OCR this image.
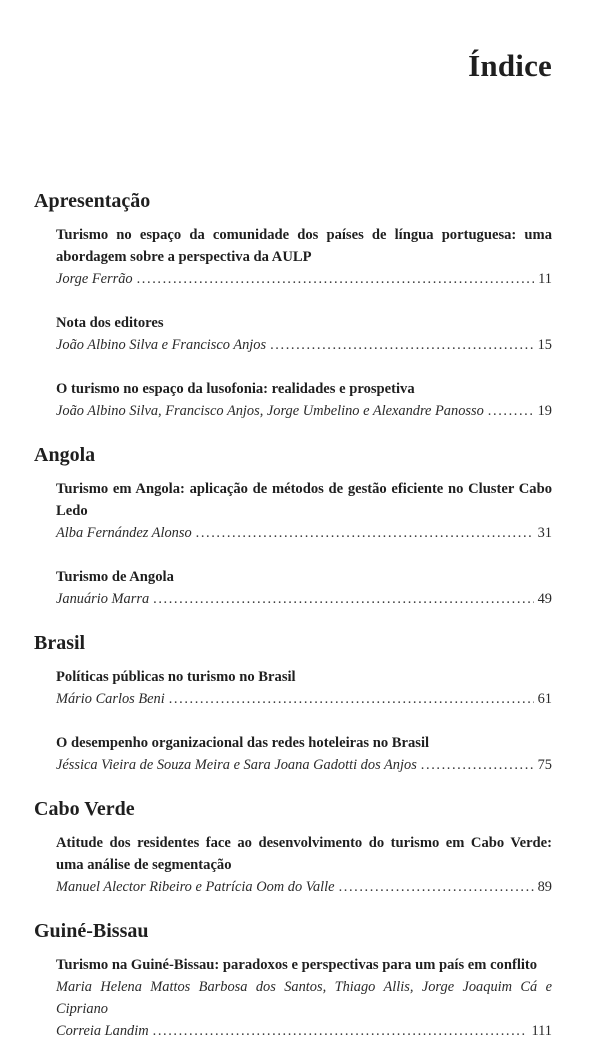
Índice
Apresentação
Turismo no espaço da comunidade dos países de língua portuguesa: uma abordagem sobre a perspectiva da AULP
Jorge Ferrão . . .	11
Nota dos editores
João Albino Silva e Francisco Anjos . . .	15
O turismo no espaço da lusofonia: realidades e prospetiva
João Albino Silva, Francisco Anjos, Jorge Umbelino e Alexandre Panosso . . .	19
Angola
Turismo em Angola: aplicação de métodos de gestão eficiente no Cluster Cabo Ledo
Alba Fernández Alonso . . .	31
Turismo de Angola
Januário Marra . . .	49
Brasil
Políticas públicas no turismo no Brasil
Mário Carlos Beni . . .	61
O desempenho organizacional das redes hoteleiras no Brasil
Jéssica Vieira de Souza Meira e Sara Joana Gadotti dos Anjos . . .	75
Cabo Verde
Atitude dos residentes face ao desenvolvimento do turismo em Cabo Verde: uma análise de segmentação
Manuel Alector Ribeiro e Patrícia Oom do Valle . . .	89
Guiné-Bissau
Turismo na Guiné-Bissau: paradoxos e perspectivas para um país em conflito
Maria Helena Mattos Barbosa dos Santos, Thiago Allis, Jorge Joaquim Cá e Cipriano
Correia Landim . . .	111
